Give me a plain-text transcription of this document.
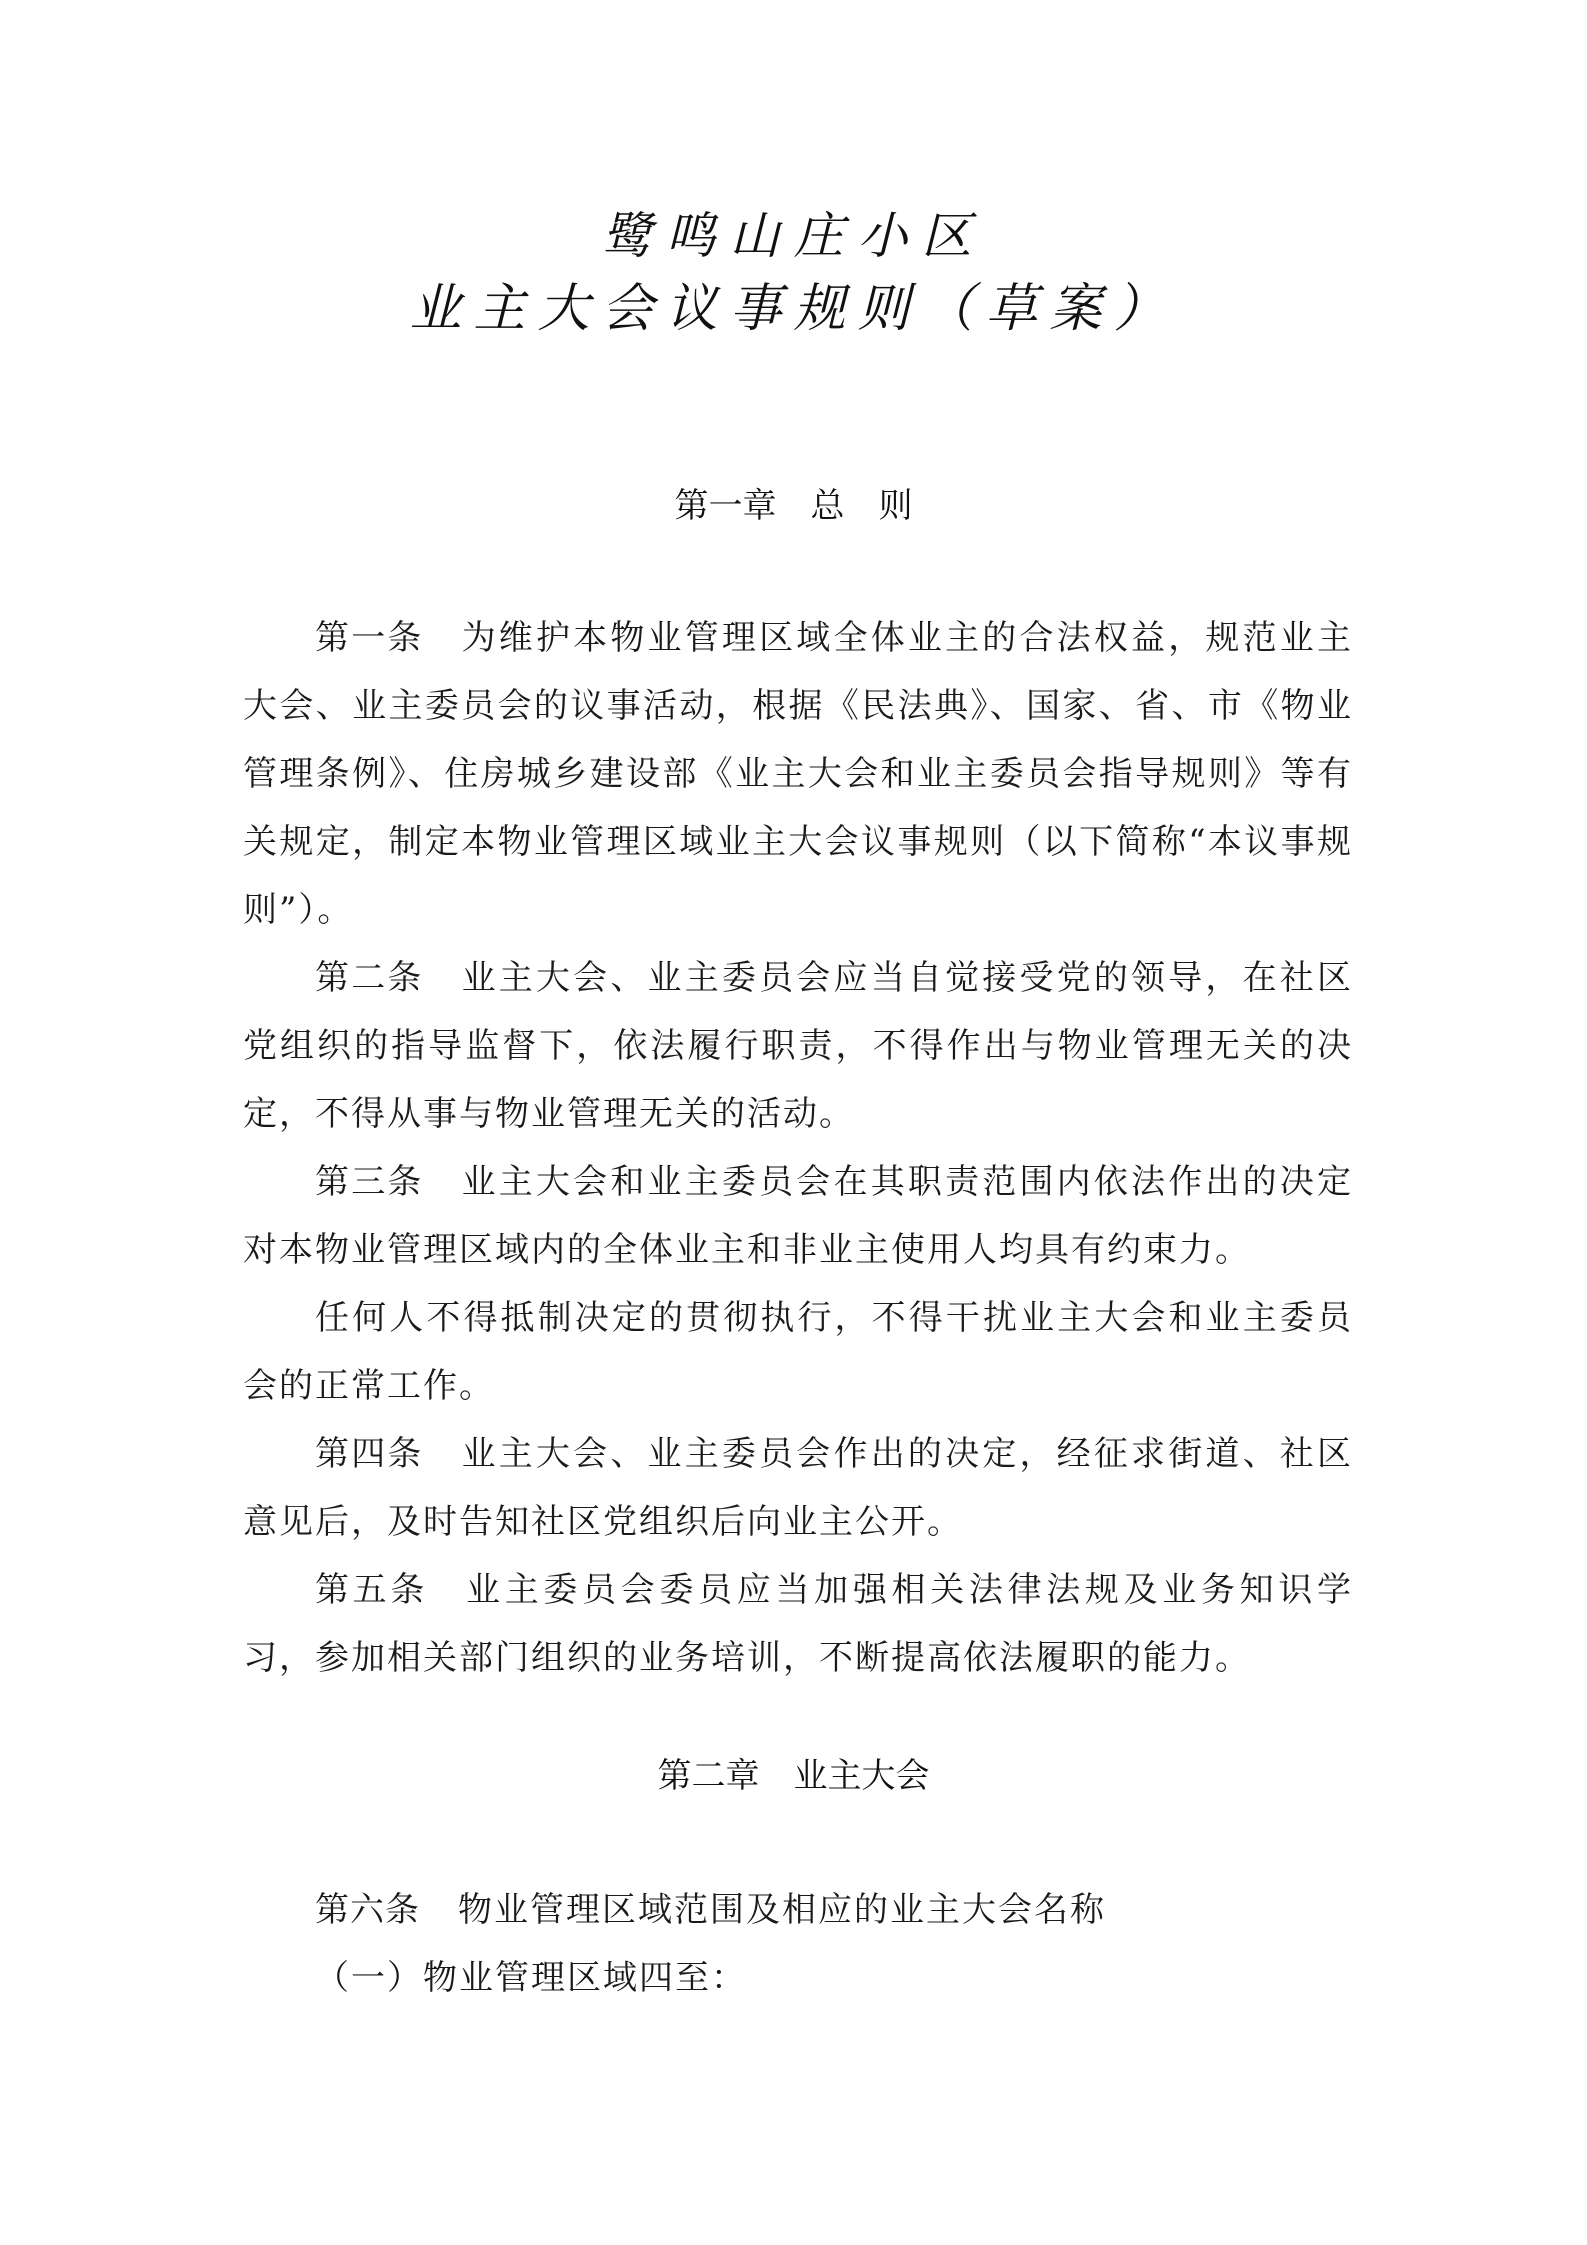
鹭鸣山庄小区
业主大会议事规则（草案）
第一章　总　则

第一条 为维护本物业管理区域全体业主的合法权益，规范业主大会、业主委员会的议事活动，根据《民法典》、国家、省、市《物业管理条例》、住房城乡建设部《业主大会和业主委员会指导规则》等有关规定，制定本物业管理区域业主大会议事规则（以下简称“本议事规则”）。

第二条 业主大会、业主委员会应当自觉接受党的领导，在社区党组织的指导监督下，依法履行职责，不得作出与物业管理无关的决定，不得从事与物业管理无关的活动。

第三条 业主大会和业主委员会在其职责范围内依法作出的决定对本物业管理区域内的全体业主和非业主使用人均具有约束力。

任何人不得抵制决定的贯彻执行，不得干扰业主大会和业主委员会的正常工作。

第四条 业主大会、业主委员会作出的决定，经征求街道、社区意见后，及时告知社区党组织后向业主公开。

第五条 业主委员会委员应当加强相关法律法规及业务知识学习，参加相关部门组织的业务培训，不断提高依法履职的能力。

第二章　业主大会

第六条 物业管理区域范围及相应的业主大会名称

（一）物业管理区域四至：
